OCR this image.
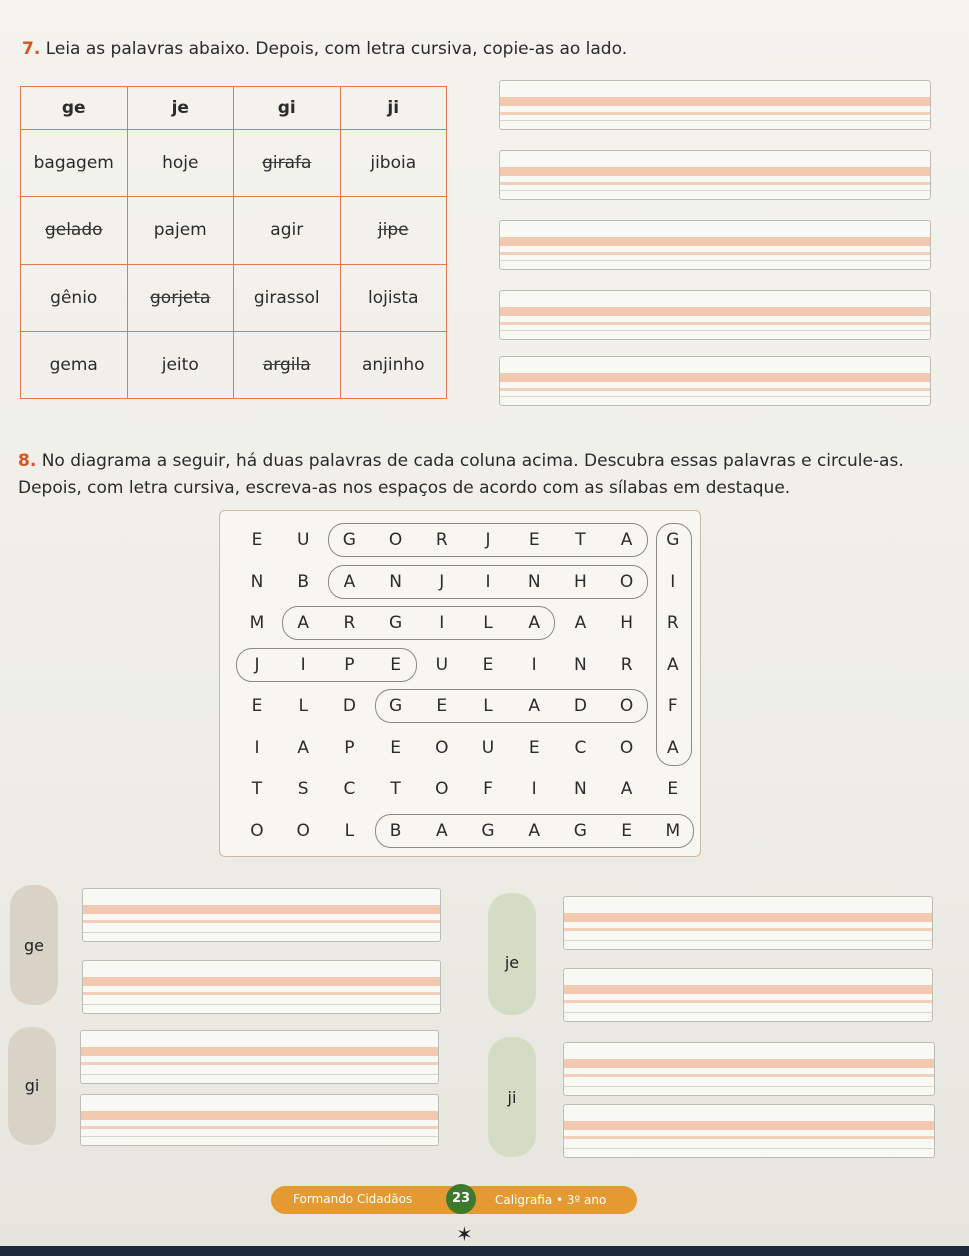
7. Leia as palavras abaixo. Depois, com letra cursiva, copie-as ao lado.
ge	je	gi	ji
bagagem	hoje	girafa	jiboia
gelado	pajem	agir	jipe
gênio	gorjeta	girassol	lojista
gema	jeito	argila	anjinho
8. No diagrama a seguir, há duas palavras de cada coluna acima. Descubra essas palavras e circule-as.
Depois, com letra cursiva, escreva-as nos espaços de acordo com as sílabas em destaque.
E	U	G	O	R	J	E	T	A	G
N	B	A	N	J	I	N	H	O	I
M	A	R	G	I	L	A	A	H	R
J	I	P	E	U	E	I	N	R	A
E	L	D	G	E	L	A	D	O	F
I	A	P	E	O	U	E	C	O	A
T	S	C	T	O	F	I	N	A	E
O	O	L	B	A	G	A	G	E	M
ge
je
gi
ji
Formando Cidadãos	Caligrafia • 3º ano
23
✶
